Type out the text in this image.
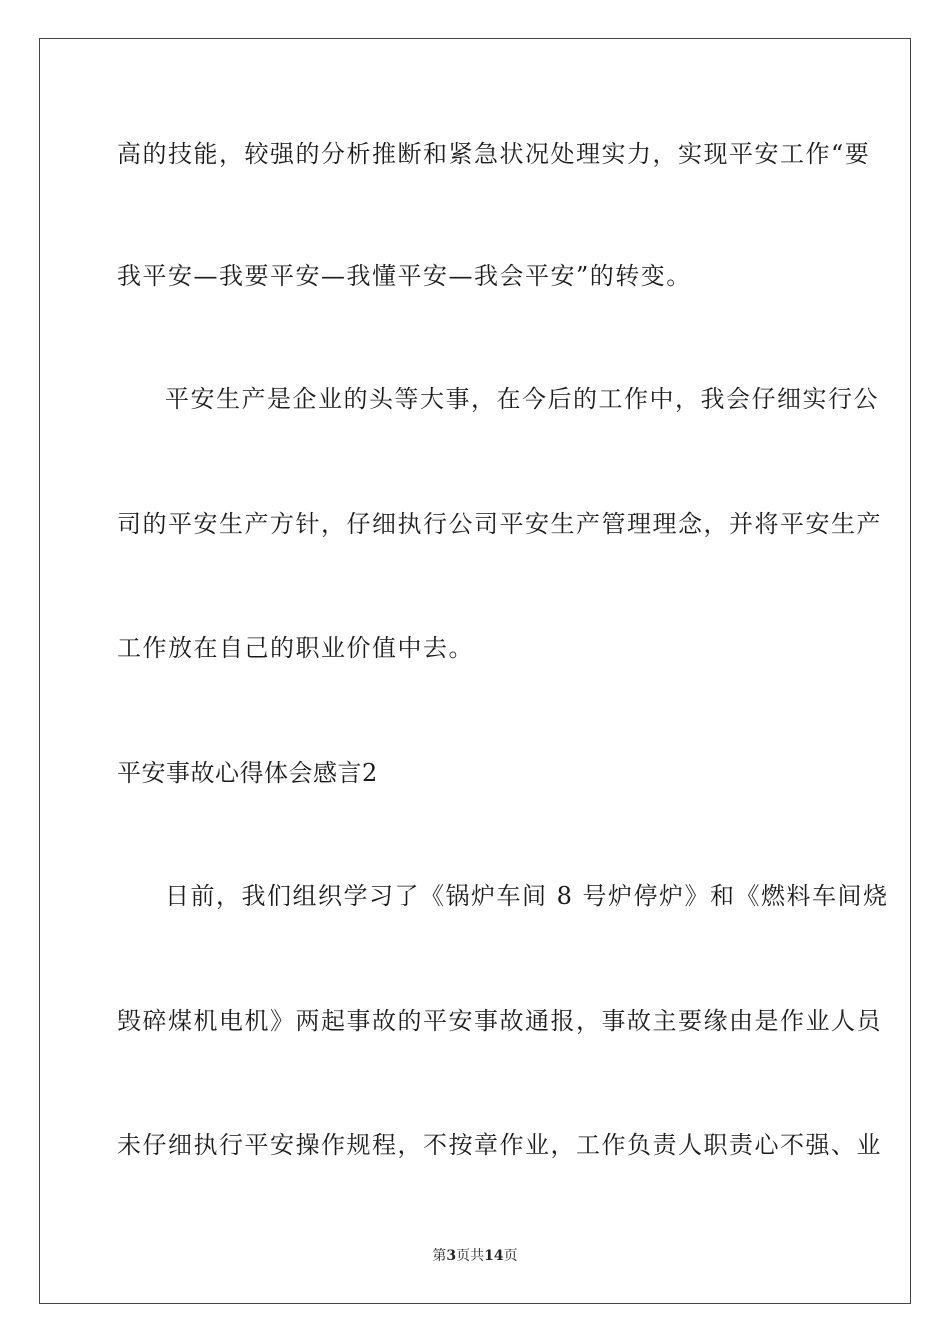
高的技能，较强的分析推断和紧急状况处理实力，实现平安工作“要
我平安—我要平安—我懂平安—我会平安”的转变。
平安生产是企业的头等大事，在今后的工作中，我会仔细实行公
司的平安生产方针，仔细执行公司平安生产管理理念，并将平安生产
工作放在自己的职业价值中去。
平安事故心得体会感言2
日前，我们组织学习了《锅炉车间 8 号炉停炉》和《燃料车间烧
毁碎煤机电机》两起事故的平安事故通报，事故主要缘由是作业人员
未仔细执行平安操作规程，不按章作业，工作负责人职责心不强、业
第3页共14页
